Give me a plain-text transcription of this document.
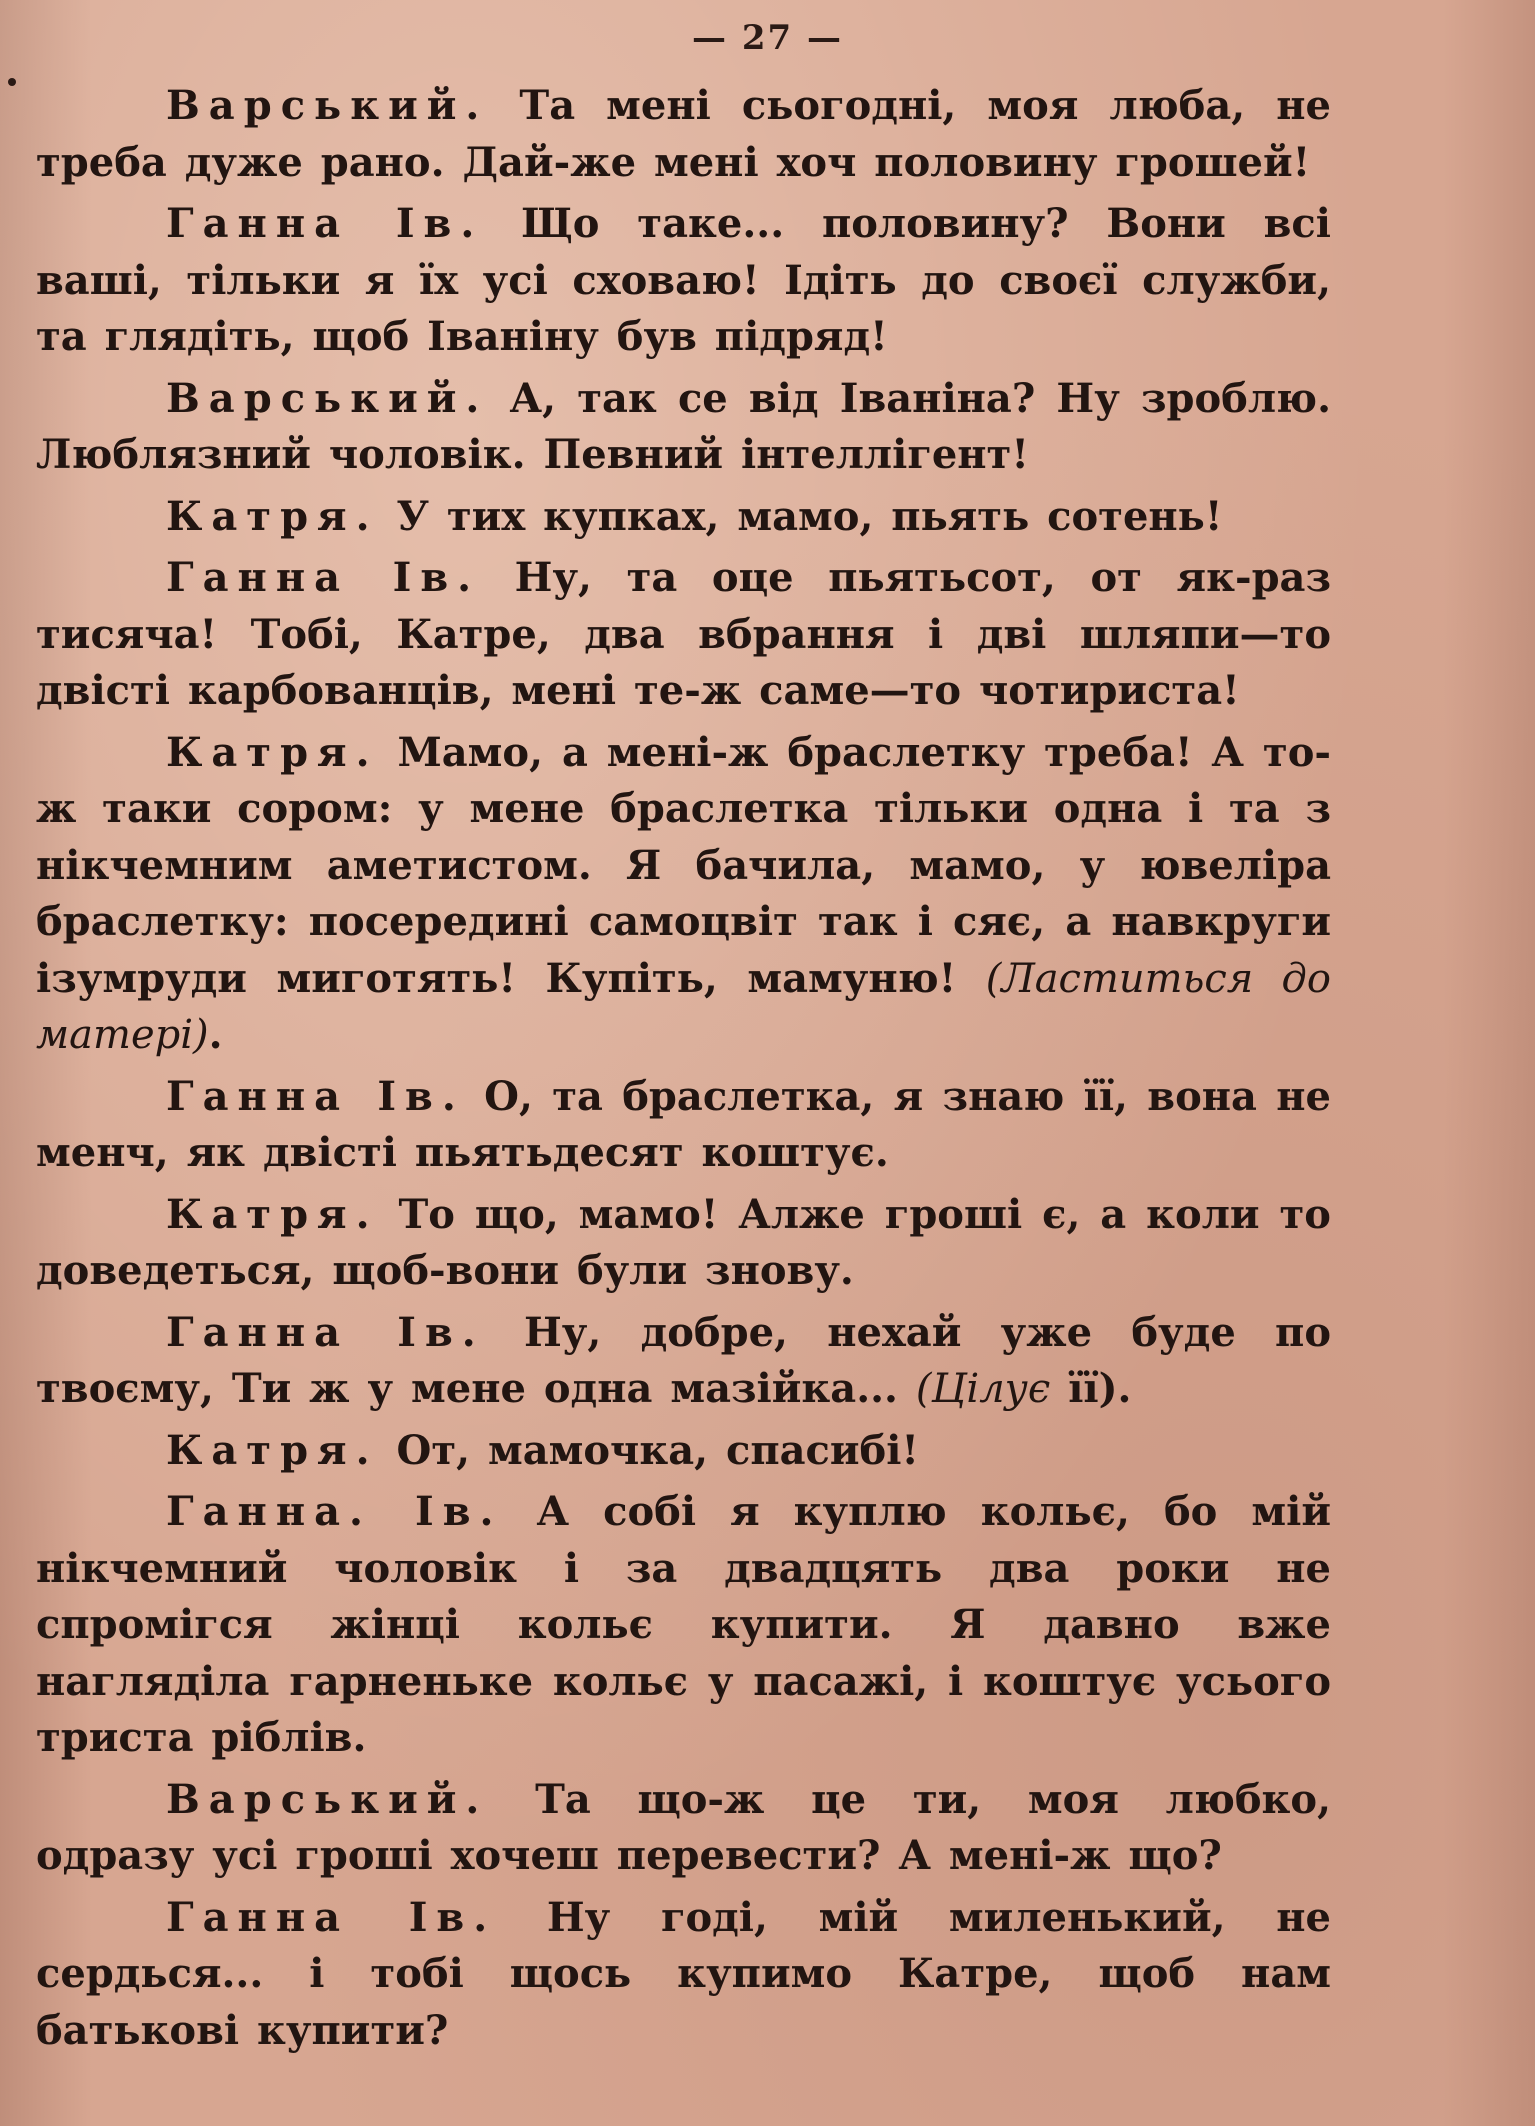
— 27 —

Варський. Та мені сьогодні, моя люба, не треба дуже рано. Дай-же мені хоч половину грошей!

Ганна Ів. Що таке... половину? Вони всі ваші, тільки я їх усі сховаю! Ідіть до своєї служби, та глядіть, щоб Іваніну був підряд!

Варський. А, так се від Іваніна? Ну зроблю. Люблязний чоловік. Певний інтеллігент!

Катря. У тих купках, мамо, пьять сотень!

Ганна Ів. Ну, та оце пьятьсот, от як-раз тисяча! Тобі, Катре, два вбрання і дві шляпи—то двісті карбованців, мені те-ж саме—то чотириста!

Катря. Мамо, а мені-ж браслетку треба! А то-ж таки сором: у мене браслетка тільки одна і та з нікчемним аметистом. Я бачила, мамо, у ювеліра браслетку: посередині самоцвіт так і сяє, а навкруги ізумруди миготять! Купіть, мамуню! (Ластиться до матері).

Ганна Ів. О, та браслетка, я знаю її, вона не менч, як двісті пьятьдесят коштує.

Катря. То що, мамо! Алже гроші є, а коли то доведеться, щоб-вони були знову.

Ганна Ів. Ну, добре, нехай уже буде по твоєму, Ти ж у мене одна мазійка... (Цілує її).

Катря. От, мамочка, спасибі!

Ганна. Ів. А собі я куплю кольє, бо мій нікчемний чоловік і за двадцять два роки не спромігся жінці кольє купити. Я давно вже нагляділа гарненьке кольє у пасажі, і коштує усього триста ріблів.

Варський. Та що-ж це ти, моя любко, одразу усі гроші хочеш перевести? А мені-ж що?

Ганна Ів. Ну годі, мій миленький, не сердься... і тобі щось купимо Катре, щоб нам батькові купити?
